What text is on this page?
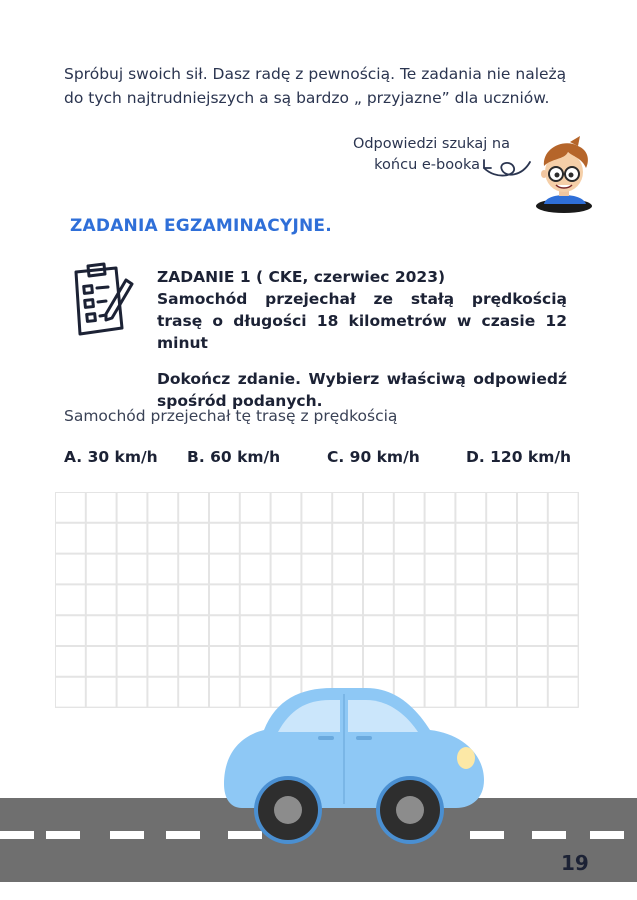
Spróbuj swoich sił. Dasz radę z pewnością. Te zadania nie należą
do tych najtrudniejszych a są bardzo „ przyjazne” dla uczniów.
Odpowiedzi szukaj na
końcu e-booka
ZADANIA EGZAMINACYJNE.

ZADANIE 1 ( CKE, czerwiec 2023)

Samochód przejechał ze stałą prędkością trasę o długości 18 kilometrów w czasie 12 minut

Dokończ zdanie. Wybierz właściwą odpowiedź spośród podanych.

Samochód przejechał tę trasę z prędkością
A. 30 km/h B. 60 km/h	C. 90 km/h	D. 120 km/h
19
